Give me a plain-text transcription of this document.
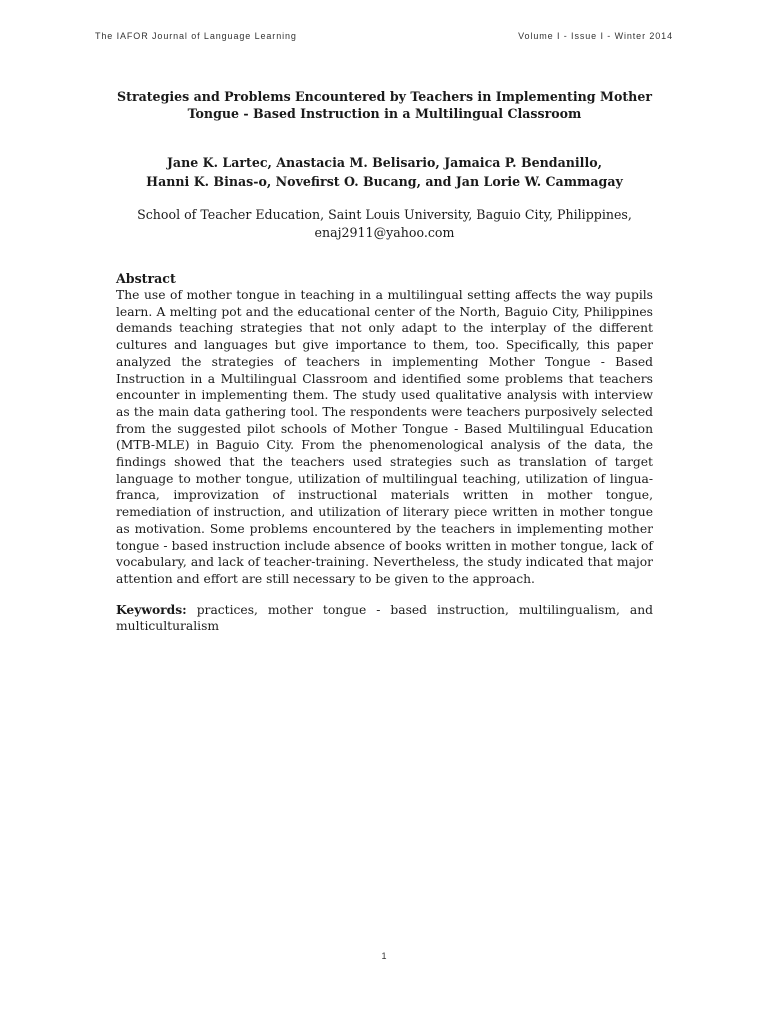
The IAFOR Journal of Language Learning	Volume I - Issue I - Winter 2014

Strategies and Problems Encountered by Teachers in Implementing Mother
Tongue - Based Instruction in a Multilingual Classroom

Jane K. Lartec, Anastacia M. Belisario, Jamaica P. Bendanillo,
Hanni K. Binas-o, Novefirst O. Bucang, and Jan Lorie W. Cammagay

School of Teacher Education, Saint Louis University, Baguio City, Philippines,
enaj2911@yahoo.com

Abstract

The use of mother tongue in teaching in a multilingual setting affects the way pupils learn. A melting pot and the educational center of the North, Baguio City, Philippines demands teaching strategies that not only adapt to the interplay of the different cultures and languages but give importance to them, too. Specifically, this paper analyzed the strategies of teachers in implementing Mother Tongue - Based Instruction in a Multilingual Classroom and identified some problems that teachers encounter in implementing them. The study used qualitative analysis with interview as the main data gathering tool. The respondents were teachers purposively selected from the suggested pilot schools of Mother Tongue - Based Multilingual Education (MTB-MLE) in Baguio City. From the phenomenological analysis of the data, the findings showed that the teachers used strategies such as translation of target language to mother tongue, utilization of multilingual teaching, utilization of lingua-franca, improvization of instructional materials written in mother tongue, remediation of instruction, and utilization of literary piece written in mother tongue as motivation. Some problems encountered by the teachers in implementing mother tongue - based instruction include absence of books written in mother tongue, lack of vocabulary, and lack of teacher-training. Nevertheless, the study indicated that major attention and effort are still necessary to be given to the approach.

Keywords: practices, mother tongue - based instruction, multilingualism, and multiculturalism

1
